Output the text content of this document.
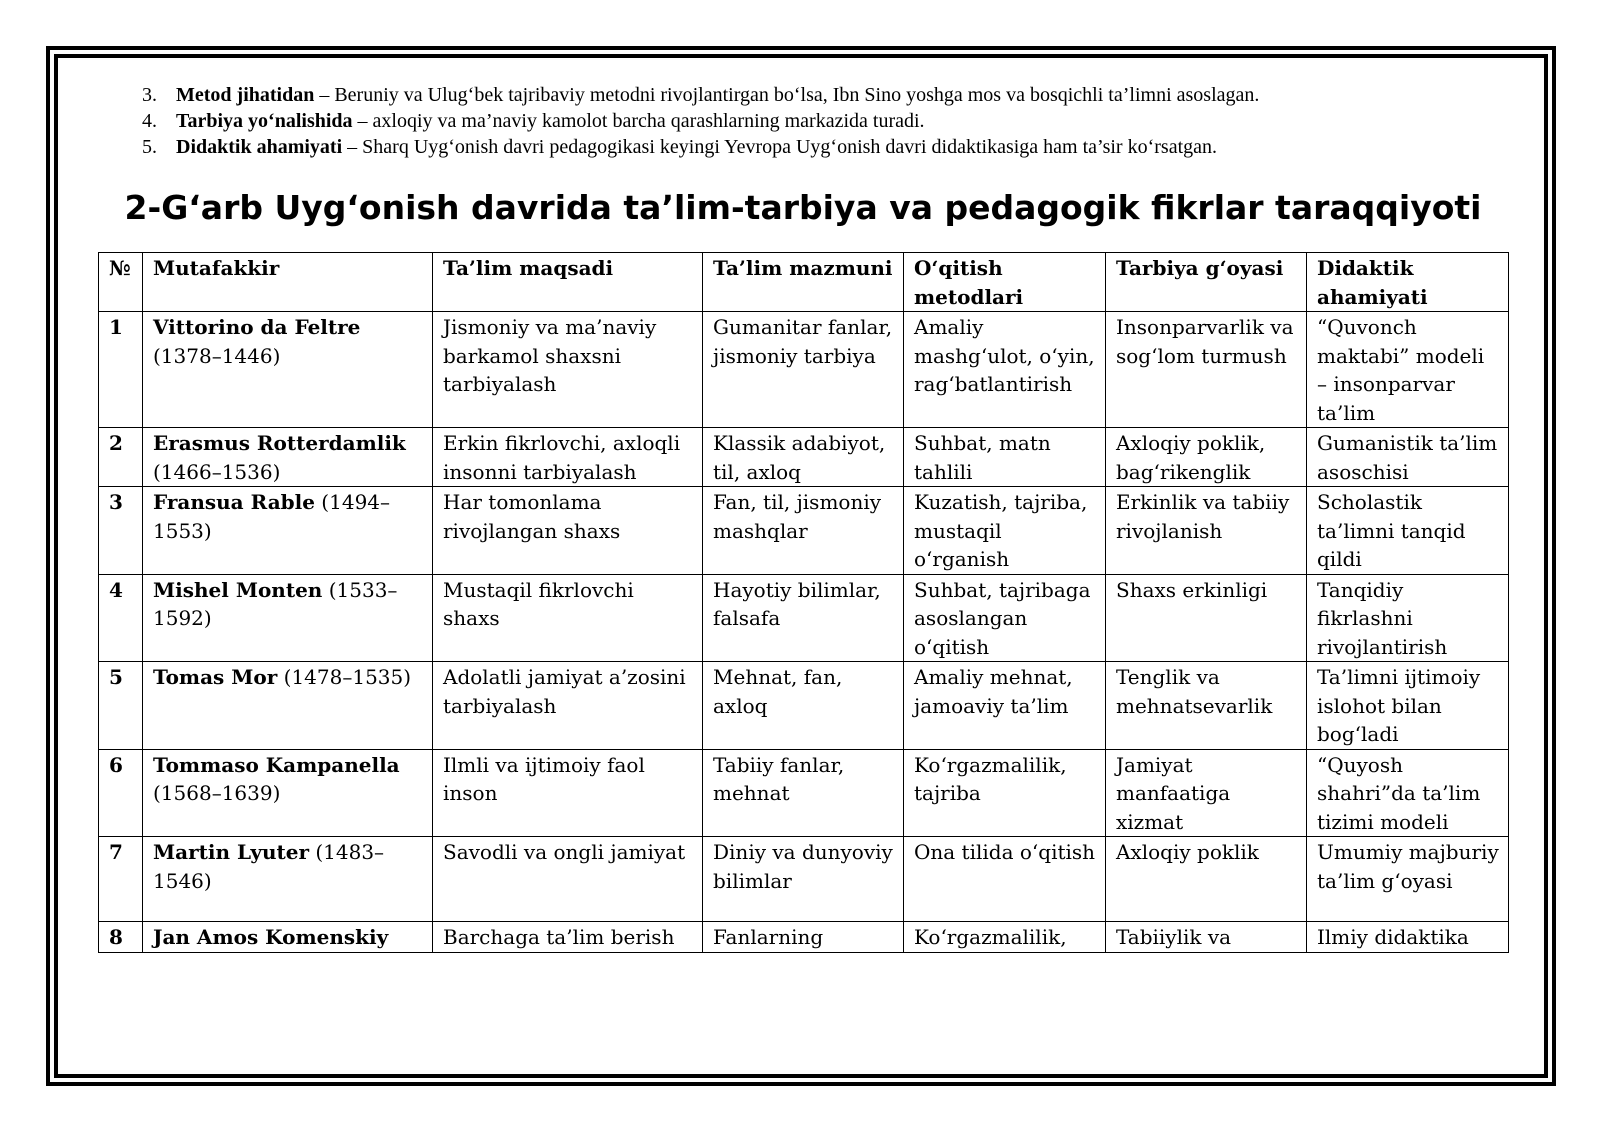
3. Metod jihatidan – Beruniy va Ulug‘bek tajribaviy metodni rivojlantirgan bo‘lsa, Ibn Sino yoshga mos va bosqichli ta’limni asoslagan.
4. Tarbiya yo‘nalishida – axloqiy va ma’naviy kamolot barcha qarashlarning markazida turadi.
5. Didaktik ahamiyati – Sharq Uyg‘onish davri pedagogikasi keyingi Yevropa Uyg‘onish davri didaktikasiga ham ta’sir ko‘rsatgan.
2-G‘arb Uyg‘onish davrida ta’lim-tarbiya va pedagogik fikrlar taraqqiyoti
№	Mutafakkir	Ta’lim maqsadi	Ta’lim mazmuni	O‘qitish metodlari	Tarbiya g‘oyasi	Didaktik ahamiyati
1	Vittorino da Feltre (1378–1446)	Jismoniy va ma’naviy barkamol shaxsni tarbiyalash	Gumanitar fanlar, jismoniy tarbiya	Amaliy mashg‘ulot, o‘yin, rag‘batlantirish	Insonparvarlik va sog‘lom turmush	“Quvonch maktabi” modeli – insonparvar ta’lim
2	Erasmus Rotterdamlik (1466–1536)	Erkin fikrlovchi, axloqli insonni tarbiyalash	Klassik adabiyot, til, axloq	Suhbat, matn tahlili	Axloqiy poklik, bag‘rikenglik	Gumanistik ta’lim asoschisi
3	Fransua Rable (1494–1553)	Har tomonlama rivojlangan shaxs	Fan, til, jismoniy mashqlar	Kuzatish, tajriba, mustaqil o‘rganish	Erkinlik va tabiiy rivojlanish	Scholastik ta’limni tanqid qildi
4	Mishel Monten (1533–1592)	Mustaqil fikrlovchi shaxs	Hayotiy bilimlar, falsafa	Suhbat, tajribaga asoslangan o‘qitish	Shaxs erkinligi	Tanqidiy fikrlashni rivojlantirish
5	Tomas Mor (1478–1535)	Adolatli jamiyat a’zosini tarbiyalash	Mehnat, fan, axloq	Amaliy mehnat, jamoaviy ta’lim	Tenglik va mehnatsevarlik	Ta’limni ijtimoiy islohot bilan bog‘ladi
6	Tommaso Kampanella (1568–1639)	Ilmli va ijtimoiy faol inson	Tabiiy fanlar, mehnat	Ko‘rgazmalilik, tajriba	Jamiyat manfaatiga xizmat	“Quyosh shahri”da ta’lim tizimi modeli
7	Martin Lyuter (1483–1546)	Savodli va ongli jamiyat	Diniy va dunyoviy bilimlar	Ona tilida o‘qitish	Axloqiy poklik	Umumiy majburiy ta’lim g‘oyasi
8	Jan Amos Komenskiy	Barchaga ta’lim berish	Fanlarning	Ko‘rgazmalilik,	Tabiiylik va	Ilmiy didaktika
